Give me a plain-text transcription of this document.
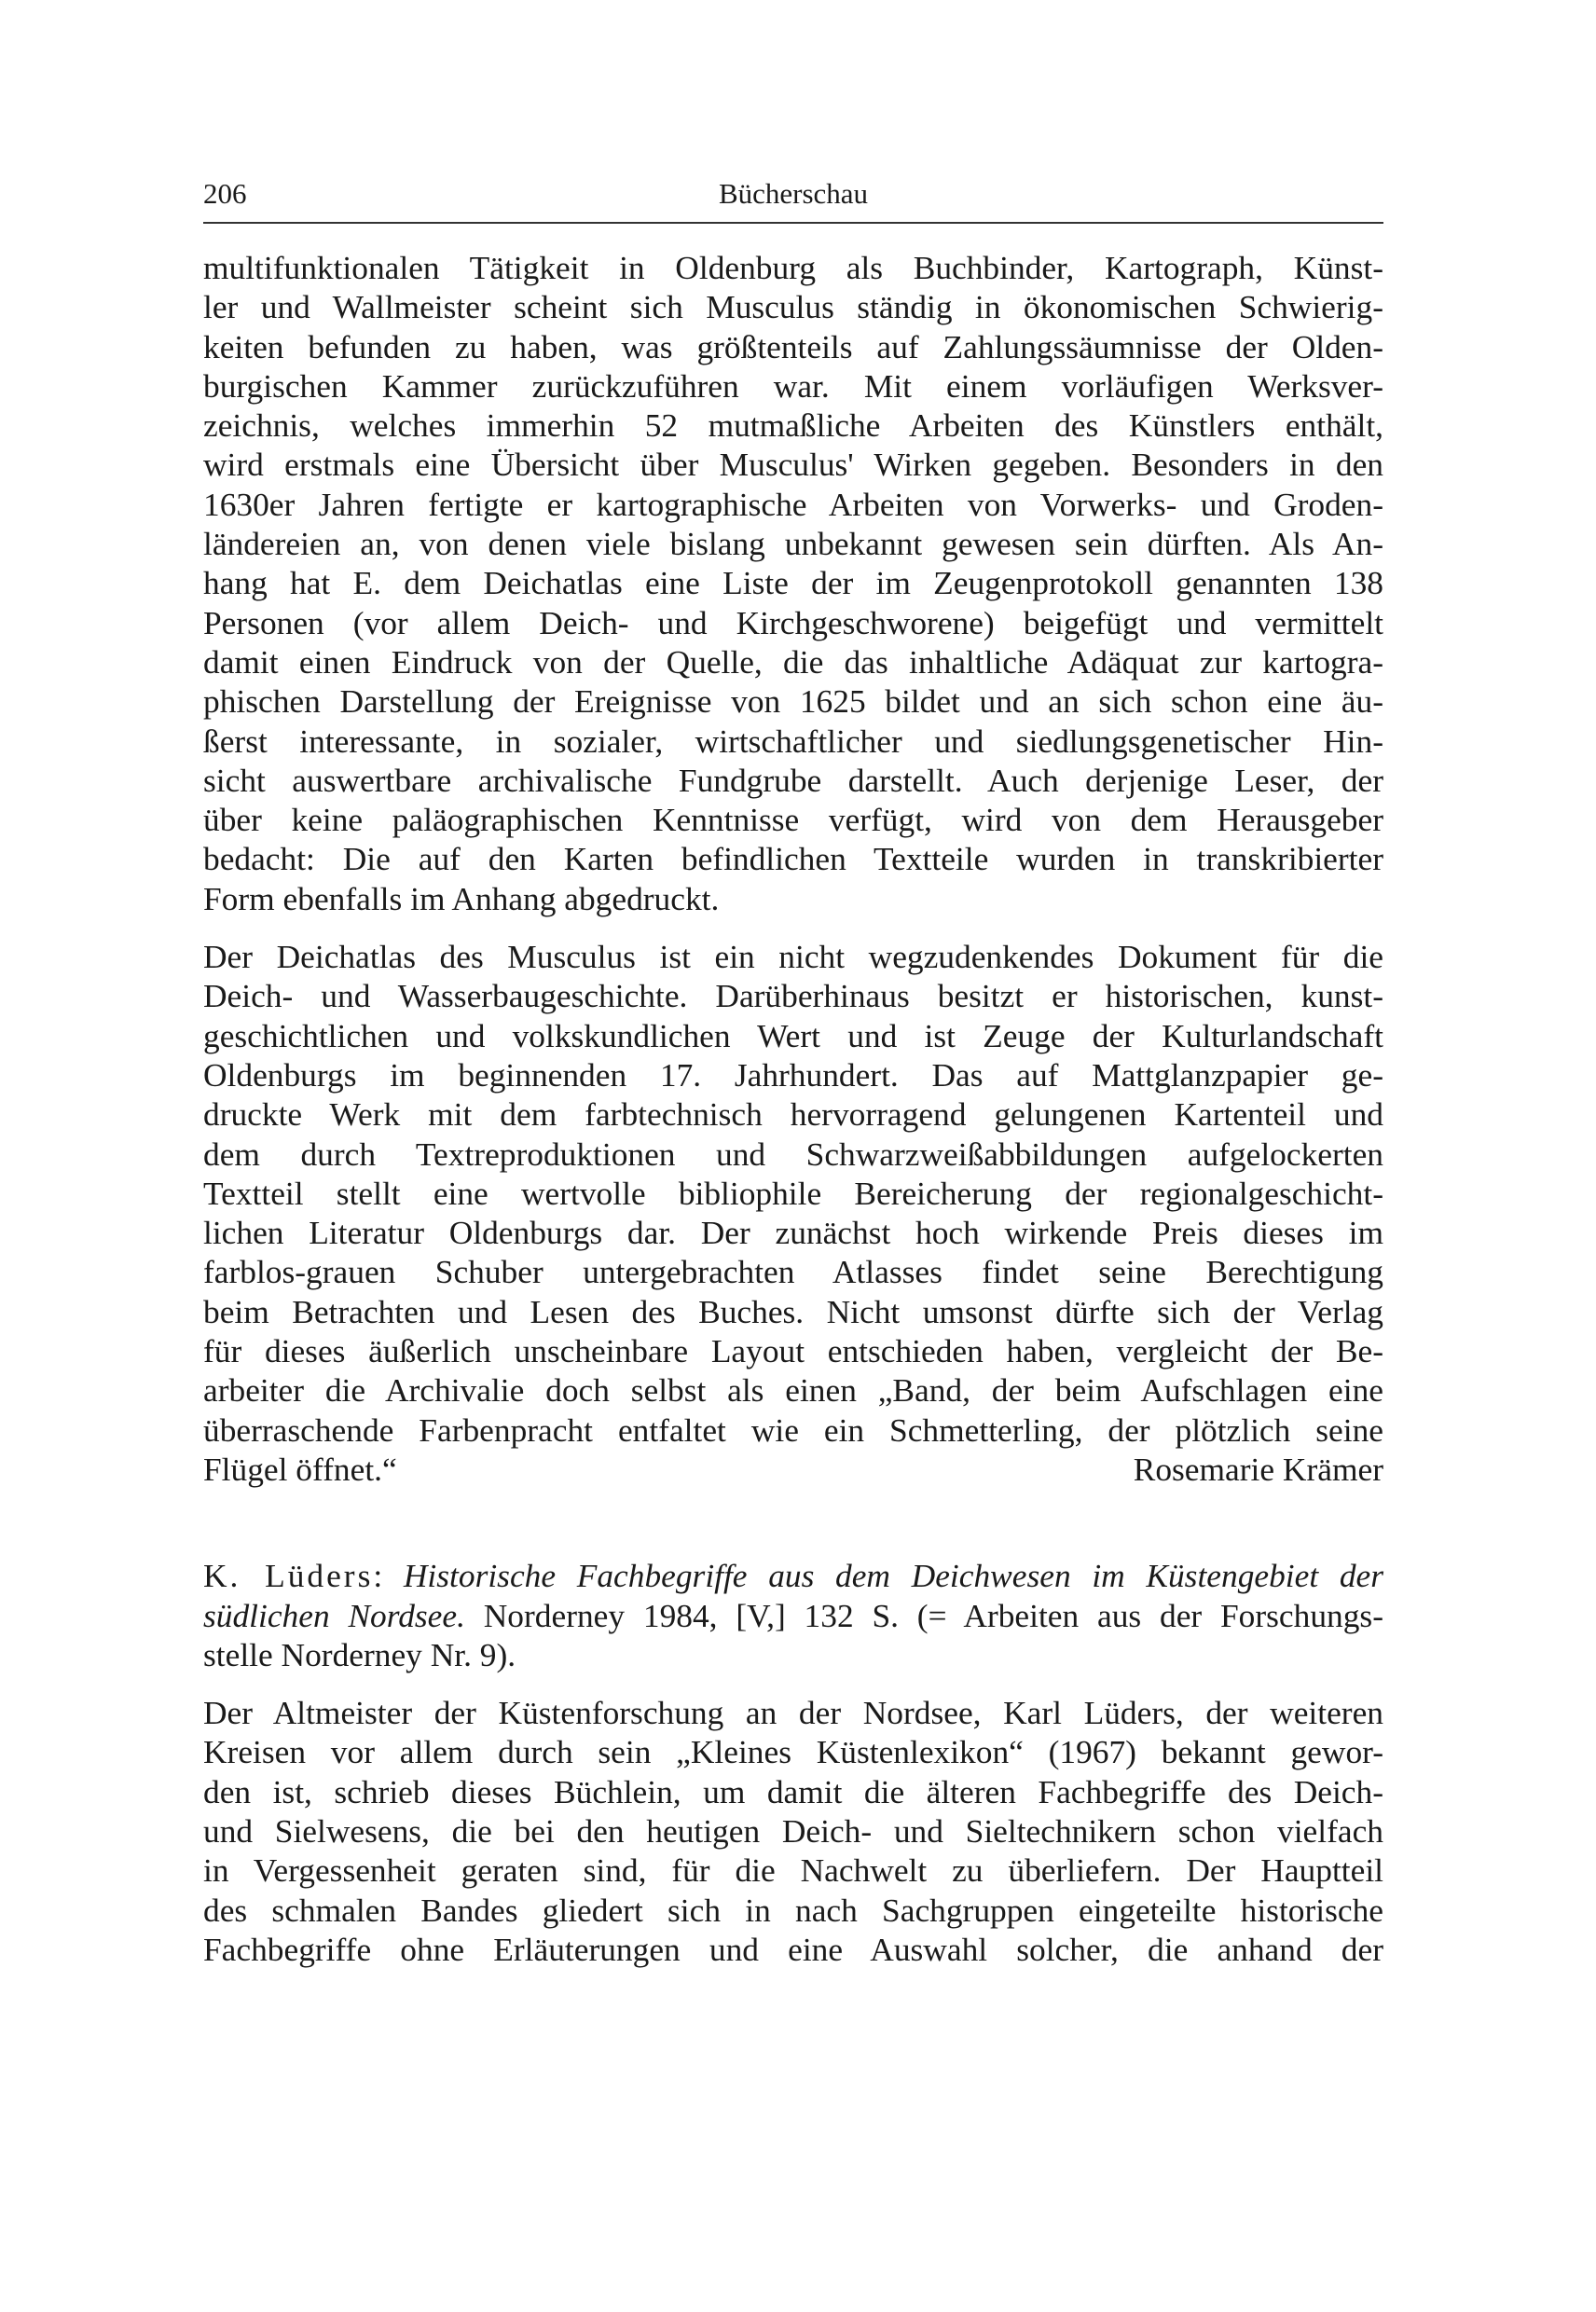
206	Bücherschau
multifunktionalen Tätigkeit in Oldenburg als Buchbinder, Kartograph, Künst-
ler und Wallmeister scheint sich Musculus ständig in ökonomischen Schwierig-
keiten befunden zu haben, was größtenteils auf Zahlungssäumnisse der Olden-
burgischen Kammer zurückzuführen war. Mit einem vorläufigen Werksver-
zeichnis, welches immerhin 52 mutmaßliche Arbeiten des Künstlers enthält,
wird erstmals eine Übersicht über Musculus' Wirken gegeben. Besonders in den
1630er Jahren fertigte er kartographische Arbeiten von Vorwerks- und Groden-
ländereien an, von denen viele bislang unbekannt gewesen sein dürften. Als An-
hang hat E. dem Deichatlas eine Liste der im Zeugenprotokoll genannten 138
Personen (vor allem Deich- und Kirchgeschworene) beigefügt und vermittelt
damit einen Eindruck von der Quelle, die das inhaltliche Adäquat zur kartogra-
phischen Darstellung der Ereignisse von 1625 bildet und an sich schon eine äu-
ßerst interessante, in sozialer, wirtschaftlicher und siedlungsgenetischer Hin-
sicht auswertbare archivalische Fundgrube darstellt. Auch derjenige Leser, der
über keine paläographischen Kenntnisse verfügt, wird von dem Herausgeber
bedacht: Die auf den Karten befindlichen Textteile wurden in transkribierter
Form ebenfalls im Anhang abgedruckt.
Der Deichatlas des Musculus ist ein nicht wegzudenkendes Dokument für die
Deich- und Wasserbaugeschichte. Darüberhinaus besitzt er historischen, kunst-
geschichtlichen und volkskundlichen Wert und ist Zeuge der Kulturlandschaft
Oldenburgs im beginnenden 17. Jahrhundert. Das auf Mattglanzpapier ge-
druckte Werk mit dem farbtechnisch hervorragend gelungenen Kartenteil und
dem durch Textreproduktionen und Schwarzweißabbildungen aufgelockerten
Textteil stellt eine wertvolle bibliophile Bereicherung der regionalgeschicht-
lichen Literatur Oldenburgs dar. Der zunächst hoch wirkende Preis dieses im
farblos-grauen Schuber untergebrachten Atlasses findet seine Berechtigung
beim Betrachten und Lesen des Buches. Nicht umsonst dürfte sich der Verlag
für dieses äußerlich unscheinbare Layout entschieden haben, vergleicht der Be-
arbeiter die Archivalie doch selbst als einen „Band, der beim Aufschlagen eine
überraschende Farbenpracht entfaltet wie ein Schmetterling, der plötzlich seine
Flügel öffnet.“	Rosemarie Krämer
K. Lüders: Historische Fachbegriffe aus dem Deichwesen im Küstengebiet der
südlichen Nordsee. Norderney 1984, [V,] 132 S. (= Arbeiten aus der Forschungs-
stelle Norderney Nr. 9).
Der Altmeister der Küstenforschung an der Nordsee, Karl Lüders, der weiteren
Kreisen vor allem durch sein „Kleines Küstenlexikon“ (1967) bekannt gewor-
den ist, schrieb dieses Büchlein, um damit die älteren Fachbegriffe des Deich-
und Sielwesens, die bei den heutigen Deich- und Sieltechnikern schon vielfach
in Vergessenheit geraten sind, für die Nachwelt zu überliefern. Der Hauptteil
des schmalen Bandes gliedert sich in nach Sachgruppen eingeteilte historische
Fachbegriffe ohne Erläuterungen und eine Auswahl solcher, die anhand der
